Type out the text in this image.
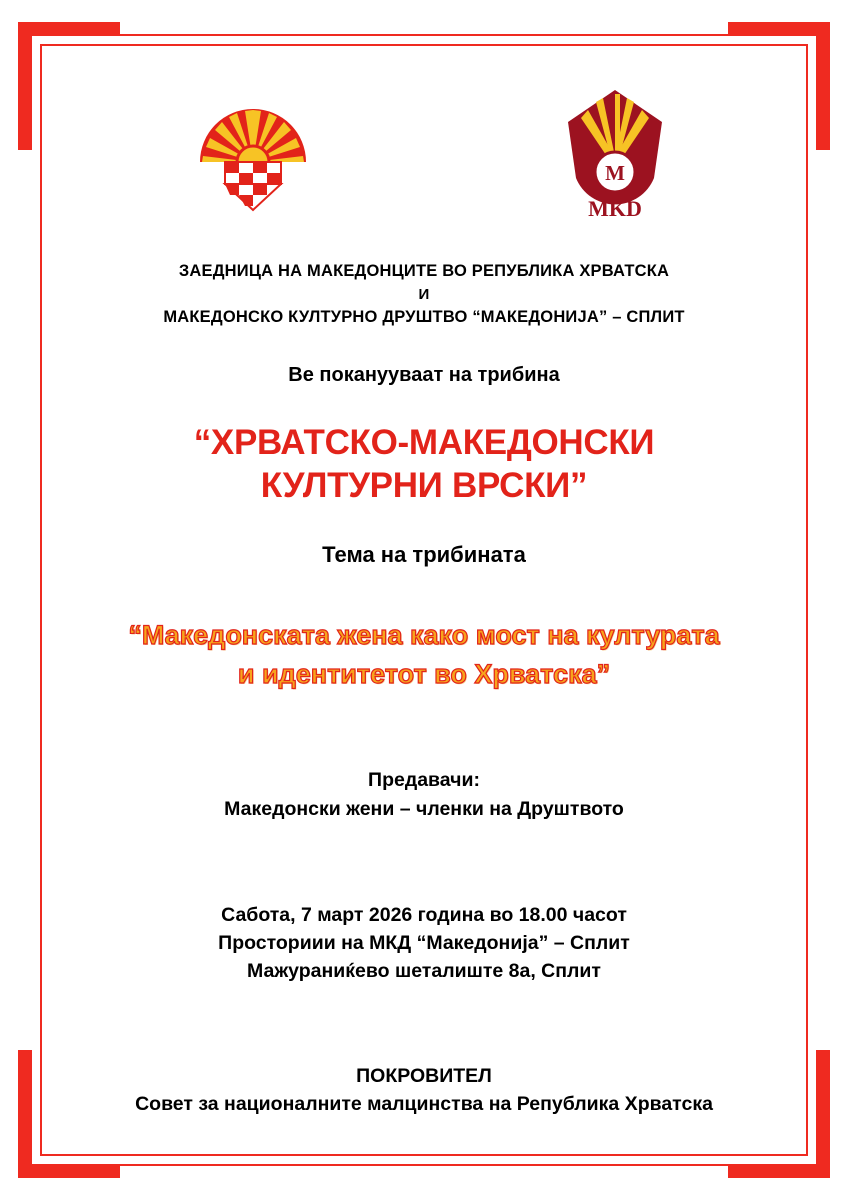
M
MKD
ЗАЕДНИЦА НА МАКЕДОНЦИТЕ ВО РЕПУБЛИКА ХРВАТСКА
И
МАКЕДОНСКО КУЛТУРНО ДРУШТВО “МАКЕДОНИЈА” – СПЛИТ
Ве поканууваат на трибина
“ХРВАТСКО-МАКЕДОНСКИ
КУЛТУРНИ ВРСКИ”
Тема на трибината
“Македонската жена како мост на културата
и идентитетот во Хрватска”
Предавачи:
Македонски жени – членки на Друштвото
Сабота, 7 март 2026 година во 18.00 часот
Просториии на МКД “Македонија” – Сплит
Мажураниќево шеталиште 8а, Сплит
ПОКРОВИТЕЛ
Совет за националните малцинства на Република Хрватска
